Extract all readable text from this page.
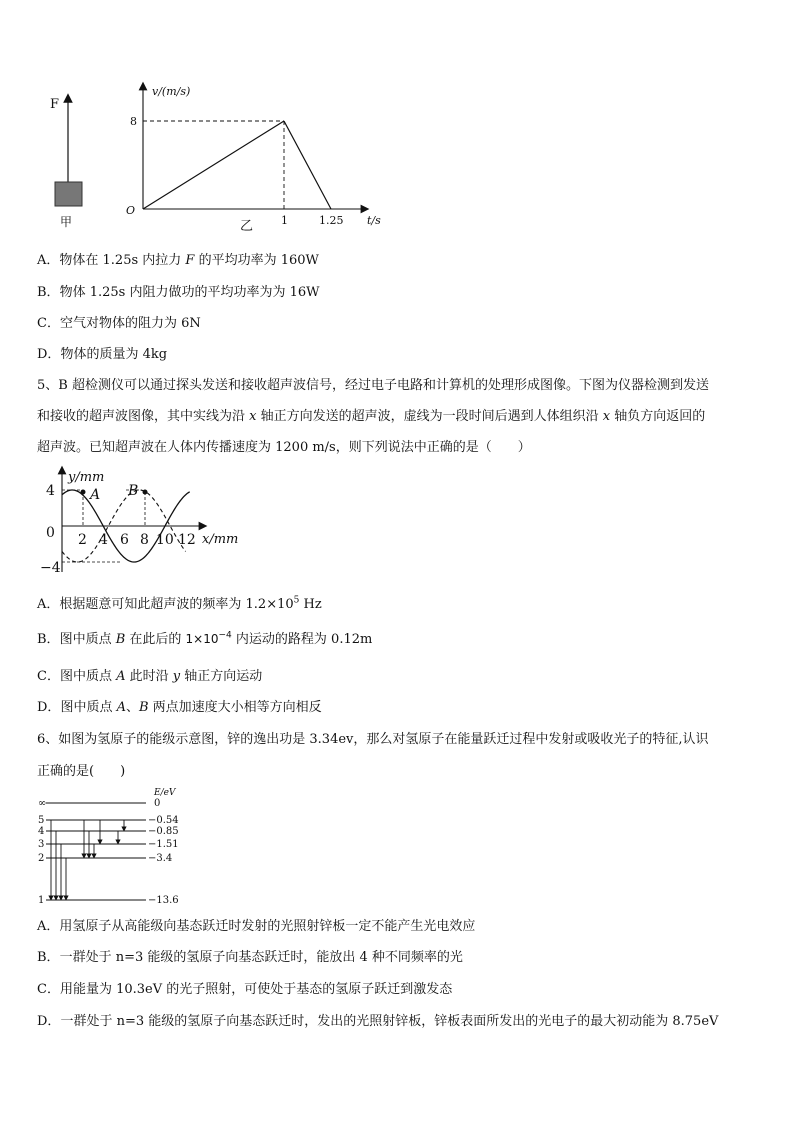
F
甲
v/(m/s)
O
8
1	1.25 t/s
乙
A．物体在 1.25s 内拉力 F 的平均功率为 160W
B．物体 1.25s 内阻力做功的平均功率为为 16W
C．空气对物体的阻力为 6N
D．物体的质量为 4kg
5、B 超检测仪可以通过探头发送和接收超声波信号，经过电子电路和计算机的处理形成图像。下图为仪器检测到发送
和接收的超声波图像，其中实线为沿 x 轴正方向发送的超声波，虚线为一段时间后遇到人体组织沿 x 轴负方向返回的
超声波。已知超声波在人体内传播速度为 1200 m/s，则下列说法中正确的是（　　）
y/mm
x/mm
4
0
−4
2 4 6 8 10 12
A B
A．根据题意可知此超声波的频率为 $1.2\times 10^5$ Hz
B．图中质点 B 在此后的 $1\times 10^{-4}$ 内运动的路程为 0.12m
C．图中质点 A 此时沿 y 轴正方向运动
D．图中质点 A、B 两点加速度大小相等方向相反
6、如图为氢原子的能级示意图，锌的逸出功是 3.34ev，那么对氢原子在能量跃迁过程中发射或吸收光子的特征,认识
正确的是(　　)
E/eV
∞	0
5	−0.54
4	−0.85
3	−1.51
2	−3.4
1	−13.6
A．用氢原子从高能级向基态跃迁时发射的光照射锌板一定不能产生光电效应
B．一群处于 n=3 能级的氢原子向基态跃迁时，能放出 4 种不同频率的光
C．用能量为 10.3eV 的光子照射，可使处于基态的氢原子跃迁到激发态
D．一群处于 n=3 能级的氢原子向基态跃迁时，发出的光照射锌板，锌板表面所发出的光电子的最大初动能为 8.75eV
